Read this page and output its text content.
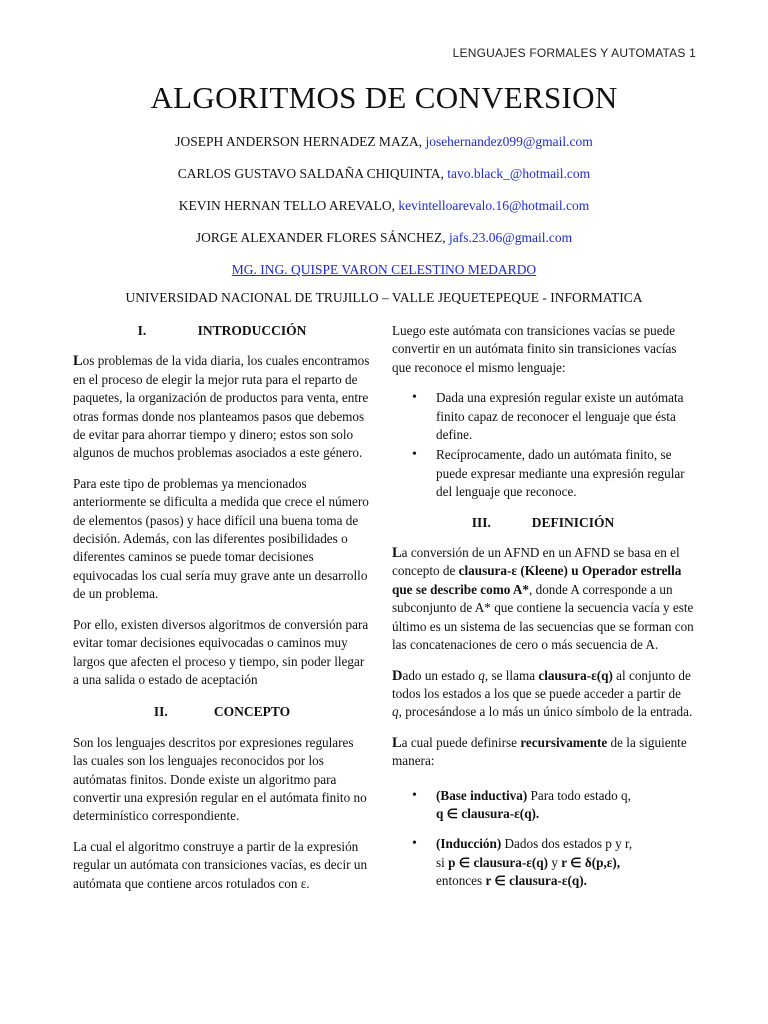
LENGUAJES FORMALES Y AUTOMATAS 1
ALGORITMOS DE CONVERSION
JOSEPH ANDERSON HERNADEZ MAZA, josehernandez099@gmail.com
CARLOS GUSTAVO SALDAÑA CHIQUINTA, tavo.black_@hotmail.com
KEVIN HERNAN TELLO AREVALO, kevintelloarevalo.16@hotmail.com
JORGE ALEXANDER FLORES SÁNCHEZ, jafs.23.06@gmail.com
MG. ING. QUISPE VARON CELESTINO MEDARDO
UNIVERSIDAD NACIONAL DE TRUJILLO – VALLE JEQUETEPEQUE - INFORMATICA
I.	INTRODUCCIÓN

Los problemas de la vida diaria, los cuales encontramos en el proceso de elegir la mejor ruta para el reparto de paquetes, la organización de productos para venta, entre otras formas donde nos planteamos pasos que debemos de evitar para ahorrar tiempo y dinero; estos son solo algunos de muchos problemas asociados a este género.

Para este tipo de problemas ya mencionados anteriormente se dificulta a medida que crece el número de elementos (pasos) y hace difícil una buena toma de decisión. Además, con las diferentes posibilidades o diferentes caminos se puede tomar decisiones equivocadas los cual sería muy grave ante un desarrollo de un problema.

Por ello, existen diversos algoritmos de conversión para evitar tomar decisiones equivocadas o caminos muy largos que afecten el proceso y tiempo, sin poder llegar a una salida o estado de aceptación

II.	CONCEPTO

Son los lenguajes descritos por expresiones regulares las cuales son los lenguajes reconocidos por los autómatas finitos. Donde existe un algoritmo para convertir una expresión regular en el autómata finito no determinístico correspondiente.

La cual el algoritmo construye a partir de la expresión regular un autómata con transiciones vacías, es decir un autómata que contiene arcos rotulados con ε.

Luego este autómata con transiciones vacías se puede convertir en un autómata finito sin transiciones vacías que reconoce el mismo lenguaje:

• Dada una expresión regular existe un autómata finito capaz de reconocer el lenguaje que ésta define.
• Recíprocamente, dado un autómata finito, se puede expresar mediante una expresión regular del lenguaje que reconoce.
III.	DEFINICIÓN

La conversión de un AFND en un AFND se basa en el concepto de clausura-ε (Kleene) u Operador estrella que se describe como A*, donde A corresponde a un subconjunto de A* que contiene la secuencia vacía y este último es un sistema de las secuencias que se forman con las concatenaciones de cero o más secuencia de A.

Dado un estado q, se llama clausura-ε(q) al conjunto de todos los estados a los que se puede acceder a partir de q, procesándose a lo más un único símbolo de la entrada.

La cual puede definirse recursivamente de la siguiente manera:

• (Base inductiva) Para todo estado q,
q ∈ clausura-ε(q).
• (Inducción) Dados dos estados p y r,
si p ∈ clausura-ε(q) y r ∈ δ(p,ε),
entonces r ∈ clausura-ε(q).
